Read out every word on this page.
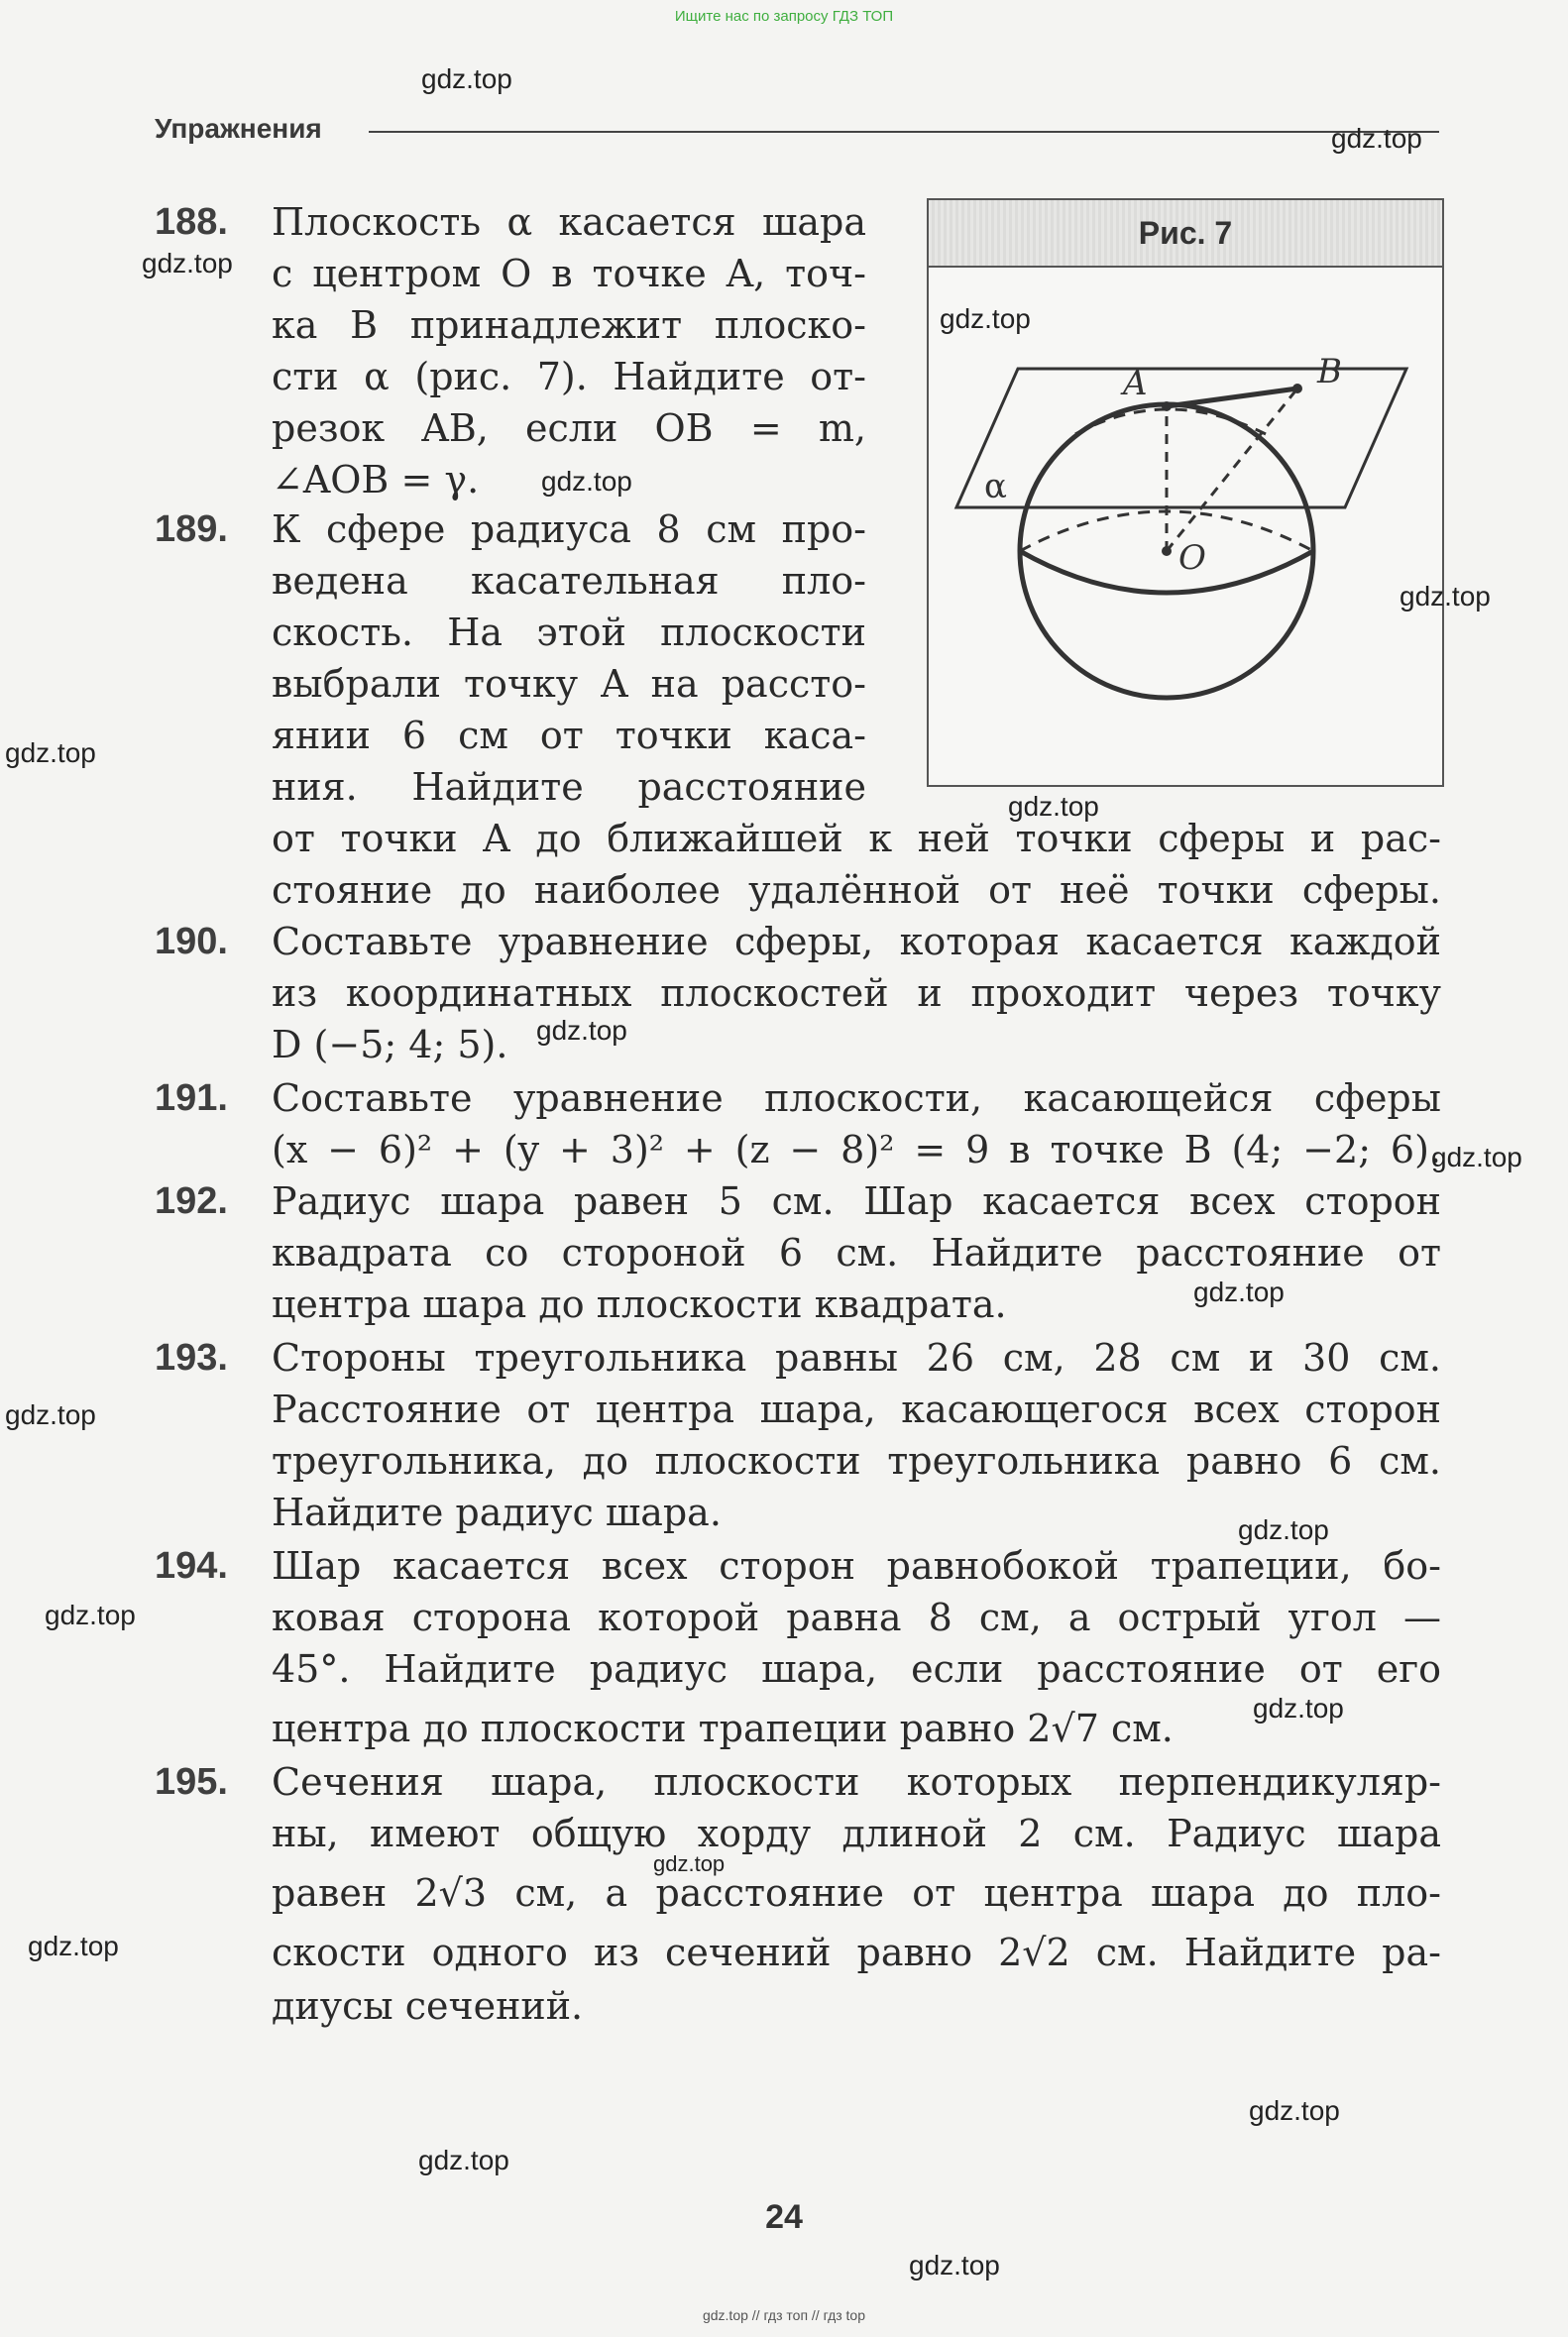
Ищите нас по запросу ГДЗ ТОП
Упражнения
Рис. 7
A	B
O
α
188. Плоскость α касается шара
с центром O в точке A, точ-
ка B принадлежит плоско-
сти α (рис. 7). Найдите от-
резок AB, если OB = m,
∠AOB = γ.
189. К сфере радиуса 8 см про-
ведена касательная пло-
скость. На этой плоскости
выбрали точку A на рассто-
янии 6 см от точки каса-
ния. Найдите расстояние
от точки A до ближайшей к ней точки сферы и рас-
стояние до наиболее удалённой от неё точки сферы.
190. Составьте уравнение сферы, которая касается каждой
из координатных плоскостей и проходит через точку
D (−5; 4; 5).
191. Составьте уравнение плоскости, касающейся сферы
(x − 6)² + (y + 3)² + (z − 8)² = 9 в точке B (4; −2; 6).
192. Радиус шара равен 5 см. Шар касается всех сторон
квадрата со стороной 6 см. Найдите расстояние от
центра шара до плоскости квадрата.
193. Стороны треугольника равны 26 см, 28 см и 30 см.
Расстояние от центра шара, касающегося всех сторон
треугольника, до плоскости треугольника равно 6 см.
Найдите радиус шара.
194. Шар касается всех сторон равнобокой трапеции, бо-
ковая сторона которой равна 8 см, а острый угол —
45°. Найдите радиус шара, если расстояние от его
центра до плоскости трапеции равно 2√7 см.
195. Сечения шара, плоскости которых перпендикуляр-
ны, имеют общую хорду длиной 2 см. Радиус шара
равен 2√3 см, а расстояние от центра шара до пло-
скости одного из сечений равно 2√2 см. Найдите ра-
диусы сечений.
gdz.top
gdz.top
gdz.top
gdz.top
gdz.top
gdz.top
gdz.top
gdz.top
gdz.top
gdz.top
gdz.top
gdz.top
gdz.top
gdz.top
gdz.top
gdz.top
gdz.top
gdz.top
gdz.top
gdz.top
24
gdz.top // гдз топ // гдз top
